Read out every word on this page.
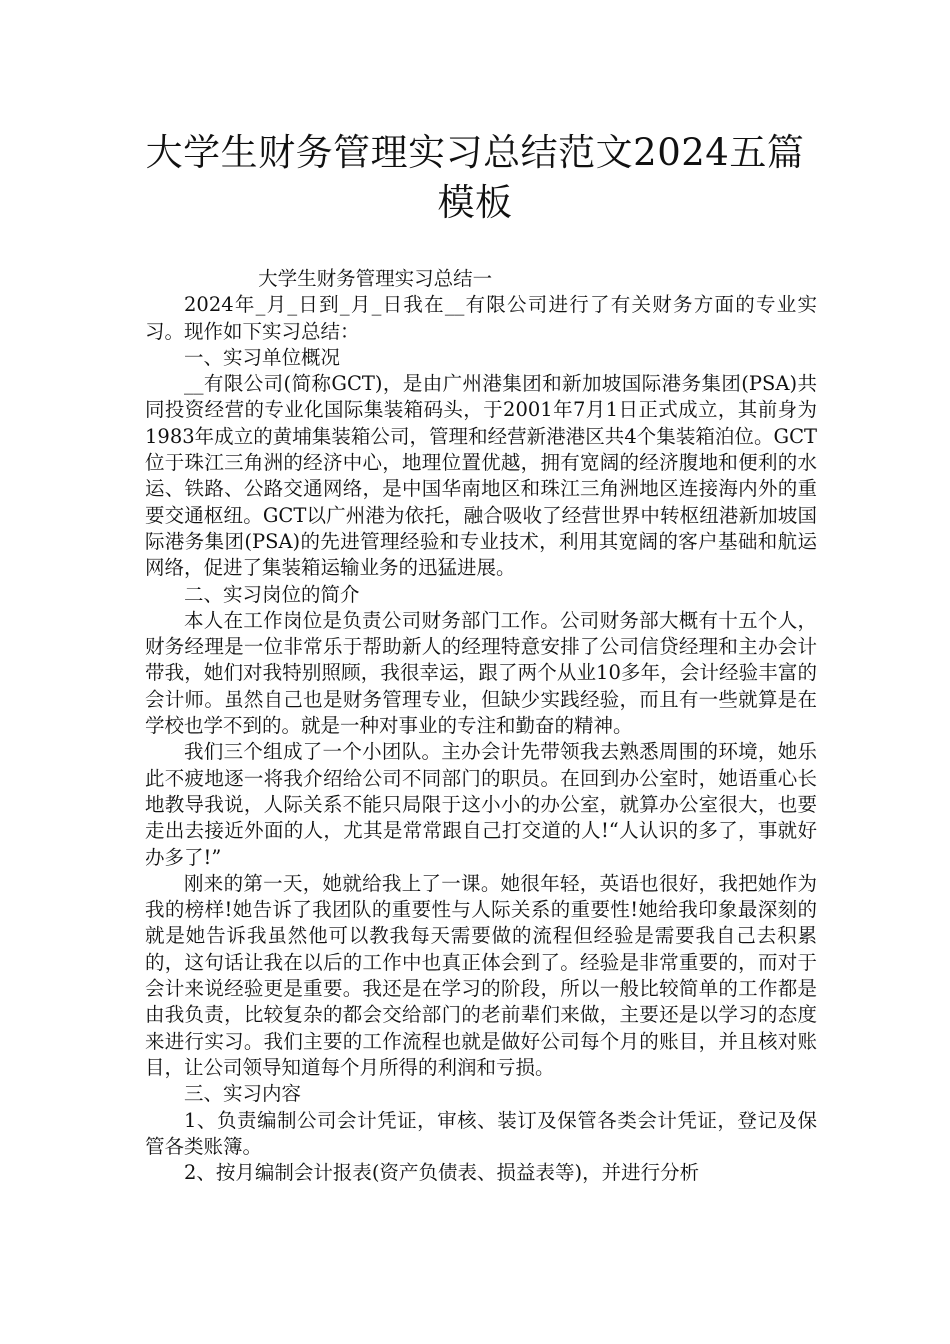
大学生财务管理实习总结范文2024五篇模板

大学生财务管理实习总结一

2024年_月_日到_月_日我在__有限公司进行了有关财务方面的专业实习。现作如下实习总结：

一、实习单位概况

__有限公司(简称GCT)，是由广州港集团和新加坡国际港务集团(PSA)共同投资经营的专业化国际集装箱码头，于2001年7月1日正式成立，其前身为1983年成立的黄埔集装箱公司，管理和经营新港港区共4个集装箱泊位。GCT位于珠江三角洲的经济中心，地理位置优越，拥有宽阔的经济腹地和便利的水运、铁路、公路交通网络，是中国华南地区和珠江三角洲地区连接海内外的重要交通枢纽。GCT以广州港为依托，融合吸收了经营世界中转枢纽港新加坡国际港务集团(PSA)的先进管理经验和专业技术，利用其宽阔的客户基础和航运网络，促进了集装箱运输业务的迅猛进展。

二、实习岗位的简介

本人在工作岗位是负责公司财务部门工作。公司财务部大概有十五个人，财务经理是一位非常乐于帮助新人的经理特意安排了公司信贷经理和主办会计带我，她们对我特别照顾，我很幸运，跟了两个从业10多年，会计经验丰富的会计师。虽然自己也是财务管理专业，但缺少实践经验，而且有一些就算是在学校也学不到的。就是一种对事业的专注和勤奋的精神。

我们三个组成了一个小团队。主办会计先带领我去熟悉周围的环境，她乐此不疲地逐一将我介绍给公司不同部门的职员。在回到办公室时，她语重心长地教导我说，人际关系不能只局限于这小小的办公室，就算办公室很大，也要走出去接近外面的人，尤其是常常跟自己打交道的人!“人认识的多了，事就好办多了!”

刚来的第一天，她就给我上了一课。她很年轻，英语也很好，我把她作为我的榜样!她告诉了我团队的重要性与人际关系的重要性!她给我印象最深刻的就是她告诉我虽然他可以教我每天需要做的流程但经验是需要我自己去积累的，这句话让我在以后的工作中也真正体会到了。经验是非常重要的，而对于会计来说经验更是重要。我还是在学习的阶段，所以一般比较简单的工作都是由我负责，比较复杂的都会交给部门的老前辈们来做，主要还是以学习的态度来进行实习。我们主要的工作流程也就是做好公司每个月的账目，并且核对账目，让公司领导知道每个月所得的利润和亏损。

三、实习内容

1、负责编制公司会计凭证，审核、装订及保管各类会计凭证，登记及保管各类账簿。

2、按月编制会计报表(资产负债表、损益表等)，并进行分析
